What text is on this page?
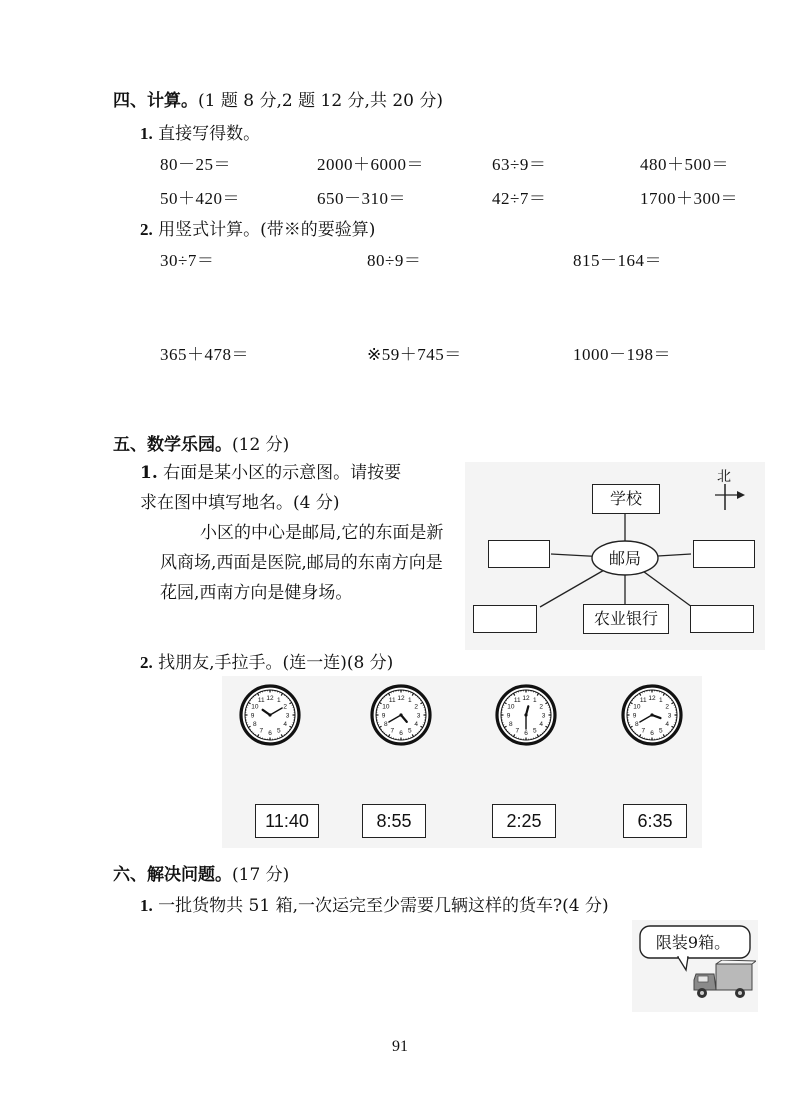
四、计算。(1 题 8 分,2 题 12 分,共 20 分)
1. 直接写得数。
80－25＝	2000＋6000＝	63÷9＝	480＋500＝
50＋420＝	650－310＝	42÷7＝	1700＋300＝
2. 用竖式计算。(带※的要验算)
30÷7＝	80÷9＝	815－164＝
365＋478＝	※59＋745＝	1000－198＝
五、数学乐园。(12 分)
1. 右面是某小区的示意图。请按要求在图中填写地名。(4 分)
小区的中心是邮局,它的东面是新风商场,西面是医院,邮局的东南方向是花园,西南方向是健身场。
北
学校
邮局
农业银行
2. 找朋友,手拉手。(连一连)(8 分)
12 1
2
3
4
5
6
7
8
9
10
11	12 1
2
3
4
5
6
7
8
9
10
11	12 1
2
3
4
5
6
7
8
9
10
11	12 1
2
3
4
5
6
7
8
9
10
11
11:40	8:55	2:25	6:35
六、解决问题。(17 分)
1. 一批货物共 51 箱,一次运完至少需要几辆这样的货车?(4 分)
限装9箱。
91
